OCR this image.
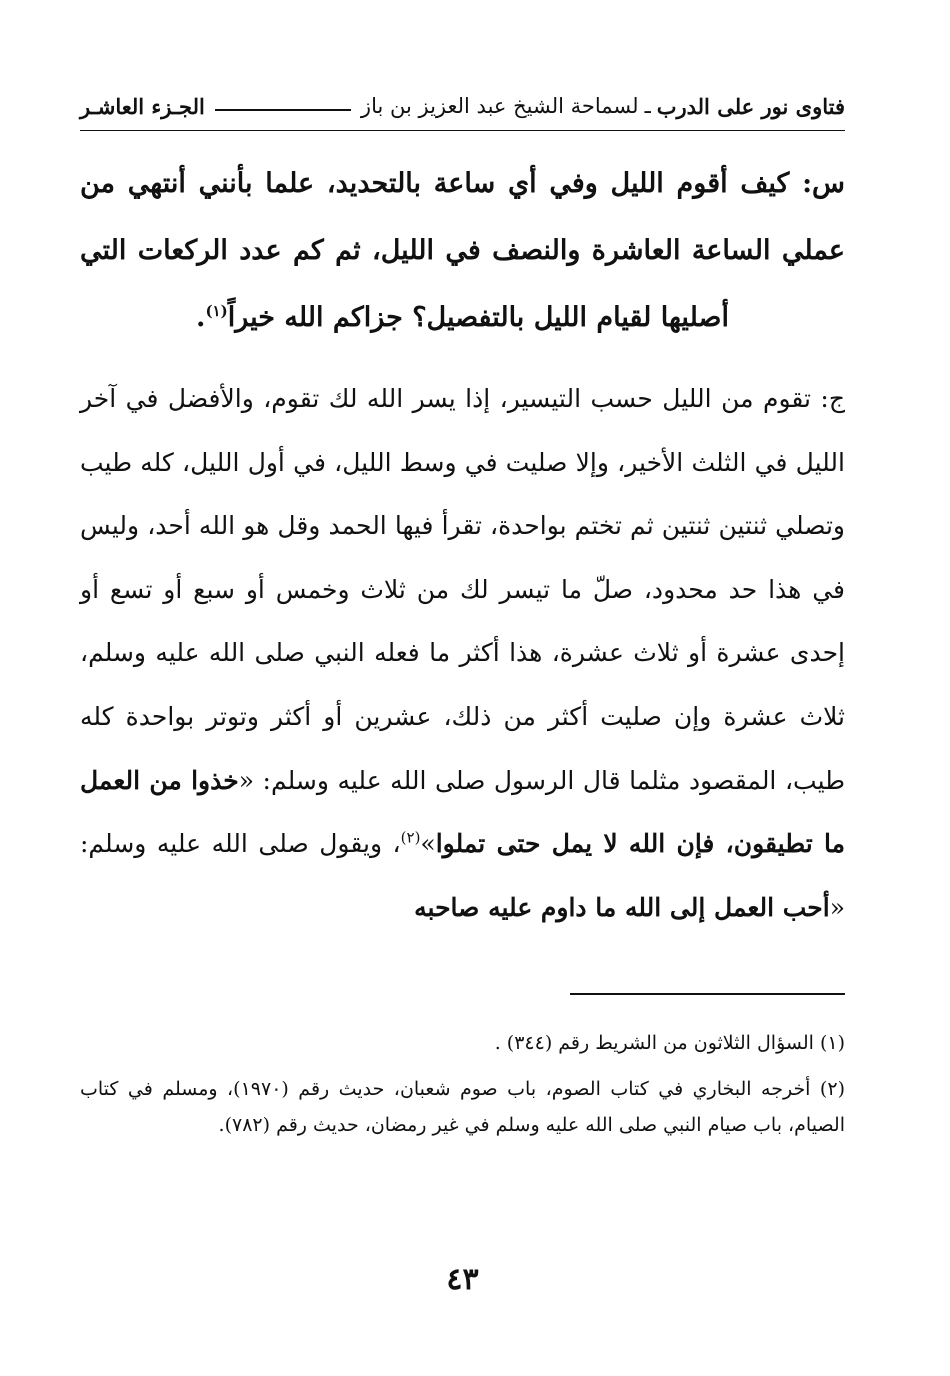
فتاوى نور على الدرب
ـ
لسماحة الشيخ عبد العزيز بن باز
الجـزء العاشـر
س: كيف أقوم الليل وفي أي ساعة بالتحديد، علما بأنني أنتهي من عملي الساعة العاشرة والنصف في الليل، ثم كم عدد الركعات التي أصليها لقيام الليل بالتفصيل؟ جزاكم الله خيراً$^{(١)}$.
ج: تقوم من الليل حسب التيسير، إذا يسر الله لك تقوم، والأفضل في آخر الليل في الثلث الأخير، وإلا صليت في وسط الليل، في أول الليل، كله طيب وتصلي ثنتين ثنتين ثم تختم بواحدة، تقرأ فيها الحمد وقل هو الله أحد، وليس في هذا حد محدود، صلّ ما تيسر لك من ثلاث وخمس أو سبع أو تسع أو إحدى عشرة أو ثلاث عشرة، هذا أكثر ما فعله النبي صلى الله عليه وسلم، ثلاث عشرة وإن صليت أكثر من ذلك، عشرين أو أكثر وتوتر بواحدة كله طيب، المقصود مثلما قال الرسول صلى الله عليه وسلم: «خذوا من العمل ما تطيقون، فإن الله لا يمل حتى تملوا»$^{(٢)}$، ويقول صلى الله عليه وسلم: «أحب العمل إلى الله ما داوم عليه صاحبه

(١) السؤال الثلاثون من الشريط رقم (٣٤٤) .

(٢) أخرجه البخاري في كتاب الصوم، باب صوم شعبان، حديث رقم (١٩٧٠)، ومسلم في كتاب الصيام، باب صيام النبي صلى الله عليه وسلم في غير رمضان، حديث رقم (٧٨٢).

٤٣
